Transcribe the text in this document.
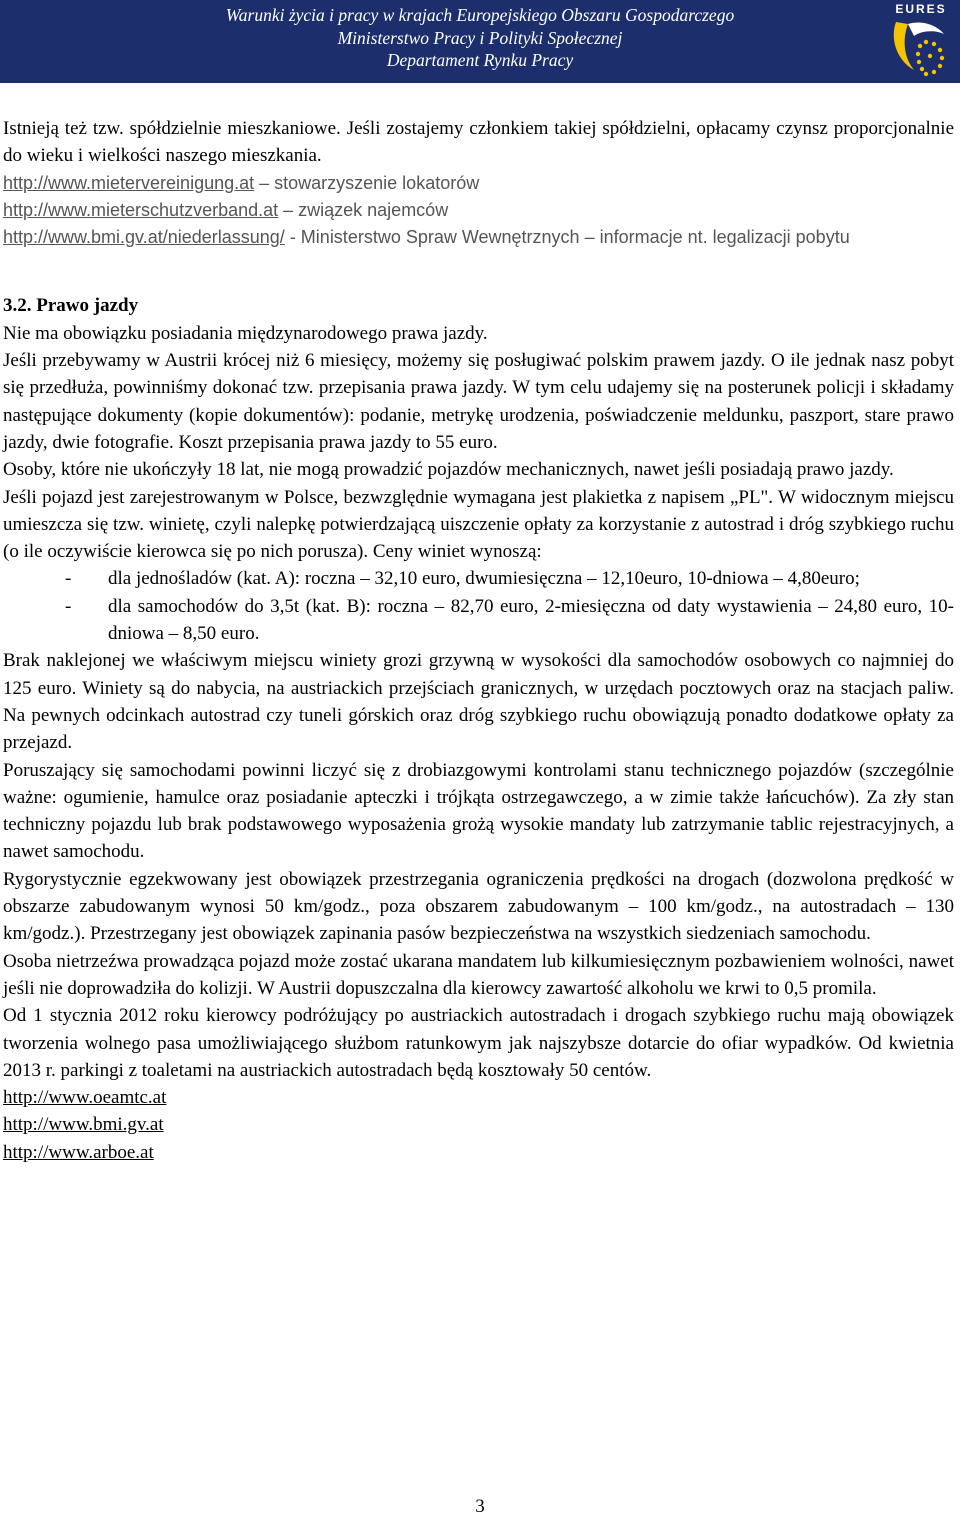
Warunki życia i pracy w krajach Europejskiego Obszaru Gospodarczego
Ministerstwo Pracy i Polityki Społecznej
Departament Rynku Pracy
EURES

Istnieją też tzw. spółdzielnie mieszkaniowe. Jeśli zostajemy członkiem takiej spółdzielni, opłacamy czynsz proporcjonalnie do wieku i wielkości naszego mieszkania.

http://www.mietervereinigung.at – stowarzyszenie lokatorów

http://www.mieterschutzverband.at – związek najemców

http://www.bmi.gv.at/niederlassung/ - Ministerstwo Spraw Wewnętrznych – informacje nt. legalizacji pobytu

3.2. Prawo jazdy

Nie ma obowiązku posiadania międzynarodowego prawa jazdy.

Jeśli przebywamy w Austrii krócej niż 6 miesięcy, możemy się posługiwać polskim prawem jazdy. O ile jednak nasz pobyt się przedłuża, powinniśmy dokonać tzw. przepisania prawa jazdy. W tym celu udajemy się na posterunek policji i składamy następujące dokumenty (kopie dokumentów): podanie, metrykę urodzenia, poświadczenie meldunku, paszport, stare prawo jazdy, dwie fotografie. Koszt przepisania prawa jazdy to 55 euro.

Osoby, które nie ukończyły 18 lat, nie mogą prowadzić pojazdów mechanicznych, nawet jeśli posiadają prawo jazdy.

Jeśli pojazd jest zarejestrowanym w Polsce, bezwzględnie wymagana jest plakietka z napisem „PL". W widocznym miejscu umieszcza się tzw. winietę, czyli nalepkę potwierdzającą uiszczenie opłaty za korzystanie z autostrad i dróg szybkiego ruchu (o ile oczywiście kierowca się po nich porusza). Ceny winiet wynoszą:

-	dla jednośladów (kat. A): roczna – 32,10 euro, dwumiesięczna – 12,10euro, 10-dniowa – 4,80euro;
-	dla samochodów do 3,5t (kat. B): roczna – 82,70 euro, 2-miesięczna od daty wystawienia – 24,80 euro, 10-dniowa – 8,50 euro.

Brak naklejonej we właściwym miejscu winiety grozi grzywną w wysokości dla samochodów osobowych co najmniej do 125 euro. Winiety są do nabycia, na austriackich przejściach granicznych, w urzędach pocztowych oraz na stacjach paliw. Na pewnych odcinkach autostrad czy tuneli górskich oraz dróg szybkiego ruchu obowiązują ponadto dodatkowe opłaty za przejazd.

Poruszający się samochodami powinni liczyć się z drobiazgowymi kontrolami stanu technicznego pojazdów (szczególnie ważne: ogumienie, hamulce oraz posiadanie apteczki i trójkąta ostrzegawczego, a w zimie także łańcuchów). Za zły stan techniczny pojazdu lub brak podstawowego wyposażenia grożą wysokie mandaty lub zatrzymanie tablic rejestracyjnych, a nawet samochodu.

Rygorystycznie egzekwowany jest obowiązek przestrzegania ograniczenia prędkości na drogach (dozwolona prędkość w obszarze zabudowanym wynosi 50 km/godz., poza obszarem zabudowanym – 100 km/godz., na autostradach – 130 km/godz.). Przestrzegany jest obowiązek zapinania pasów bezpieczeństwa na wszystkich siedzeniach samochodu.

Osoba nietrzeźwa prowadząca pojazd może zostać ukarana mandatem lub kilkumiesięcznym pozbawieniem wolności, nawet jeśli nie doprowadziła do kolizji. W Austrii dopuszczalna dla kierowcy zawartość alkoholu we krwi to 0,5 promila.

Od 1 stycznia 2012 roku kierowcy podróżujący po austriackich autostradach i drogach szybkiego ruchu mają obowiązek tworzenia wolnego pasa umożliwiającego służbom ratunkowym jak najszybsze dotarcie do ofiar wypadków. Od kwietnia 2013 r. parkingi z toaletami na austriackich autostradach będą kosztowały 50 centów.

http://www.oeamtc.at

http://www.bmi.gv.at

http://www.arboe.at

3
